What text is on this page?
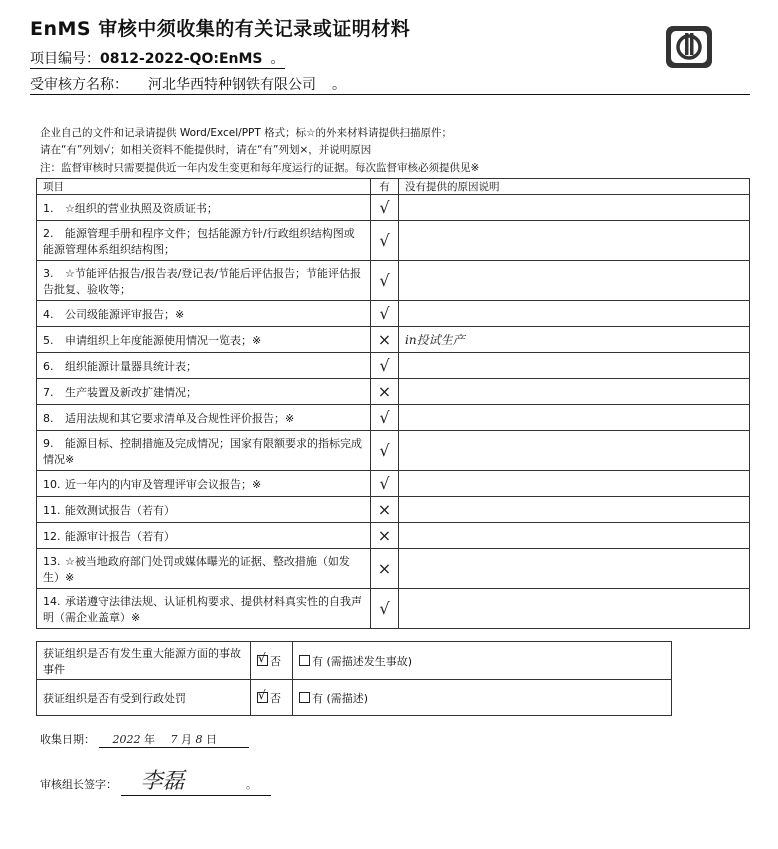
EnMS 审核中须收集的有关记录或证明材料
项目编号：0812-2022-QO:EnMS 。
受审核方名称： 河北华西特种钢铁有限公司 。
企业自己的文件和记录请提供 Word/Excel/PPT 格式；标☆的外来材料请提供扫描原件；
请在“有”列划√；如相关资料不能提供时，请在“有”列划×，并说明原因
注：监督审核时只需要提供近一年内发生变更和每年度运行的证据。每次监督审核必须提供见※
项目	有	没有提供的原因说明
1. ☆组织的营业执照及资质证书；	√	
2. 能源管理手册和程序文件；包括能源方针/行政组织结构图或能源管理体系组织结构图；	√	
3. ☆节能评估报告/报告表/登记表/节能后评估报告；节能评估报告批复、验收等；	√	
4. 公司级能源评审报告；※	√	
5. 申请组织上年度能源使用情况一览表；※	×	in投试生产
6. 组织能源计量器具统计表；	√	
7. 生产装置及新改扩建情况；	×	
8. 适用法规和其它要求清单及合规性评价报告；※	√	
9. 能源目标、控制措施及完成情况；国家有限额要求的指标完成情况※	√	
10. 近一年内的内审及管理评审会议报告；※	√	
11. 能效测试报告（若有）	×	
12. 能源审计报告（若有）	×	
13. ☆被当地政府部门处罚或媒体曝光的证据、整改措施（如发生）※	×	
14. 承诺遵守法律法规、认证机构要求、提供材料真实性的自我声明（需企业盖章）※	√	
获证组织是否有发生重大能源方面的事故事件	√ 否	有 (需描述发生事故)
获证组织是否有受到行政处罚	√ 否	有 (需描述)
收集日期： 2022 年 7 月 8 日
审核组长签字： 李磊	。
